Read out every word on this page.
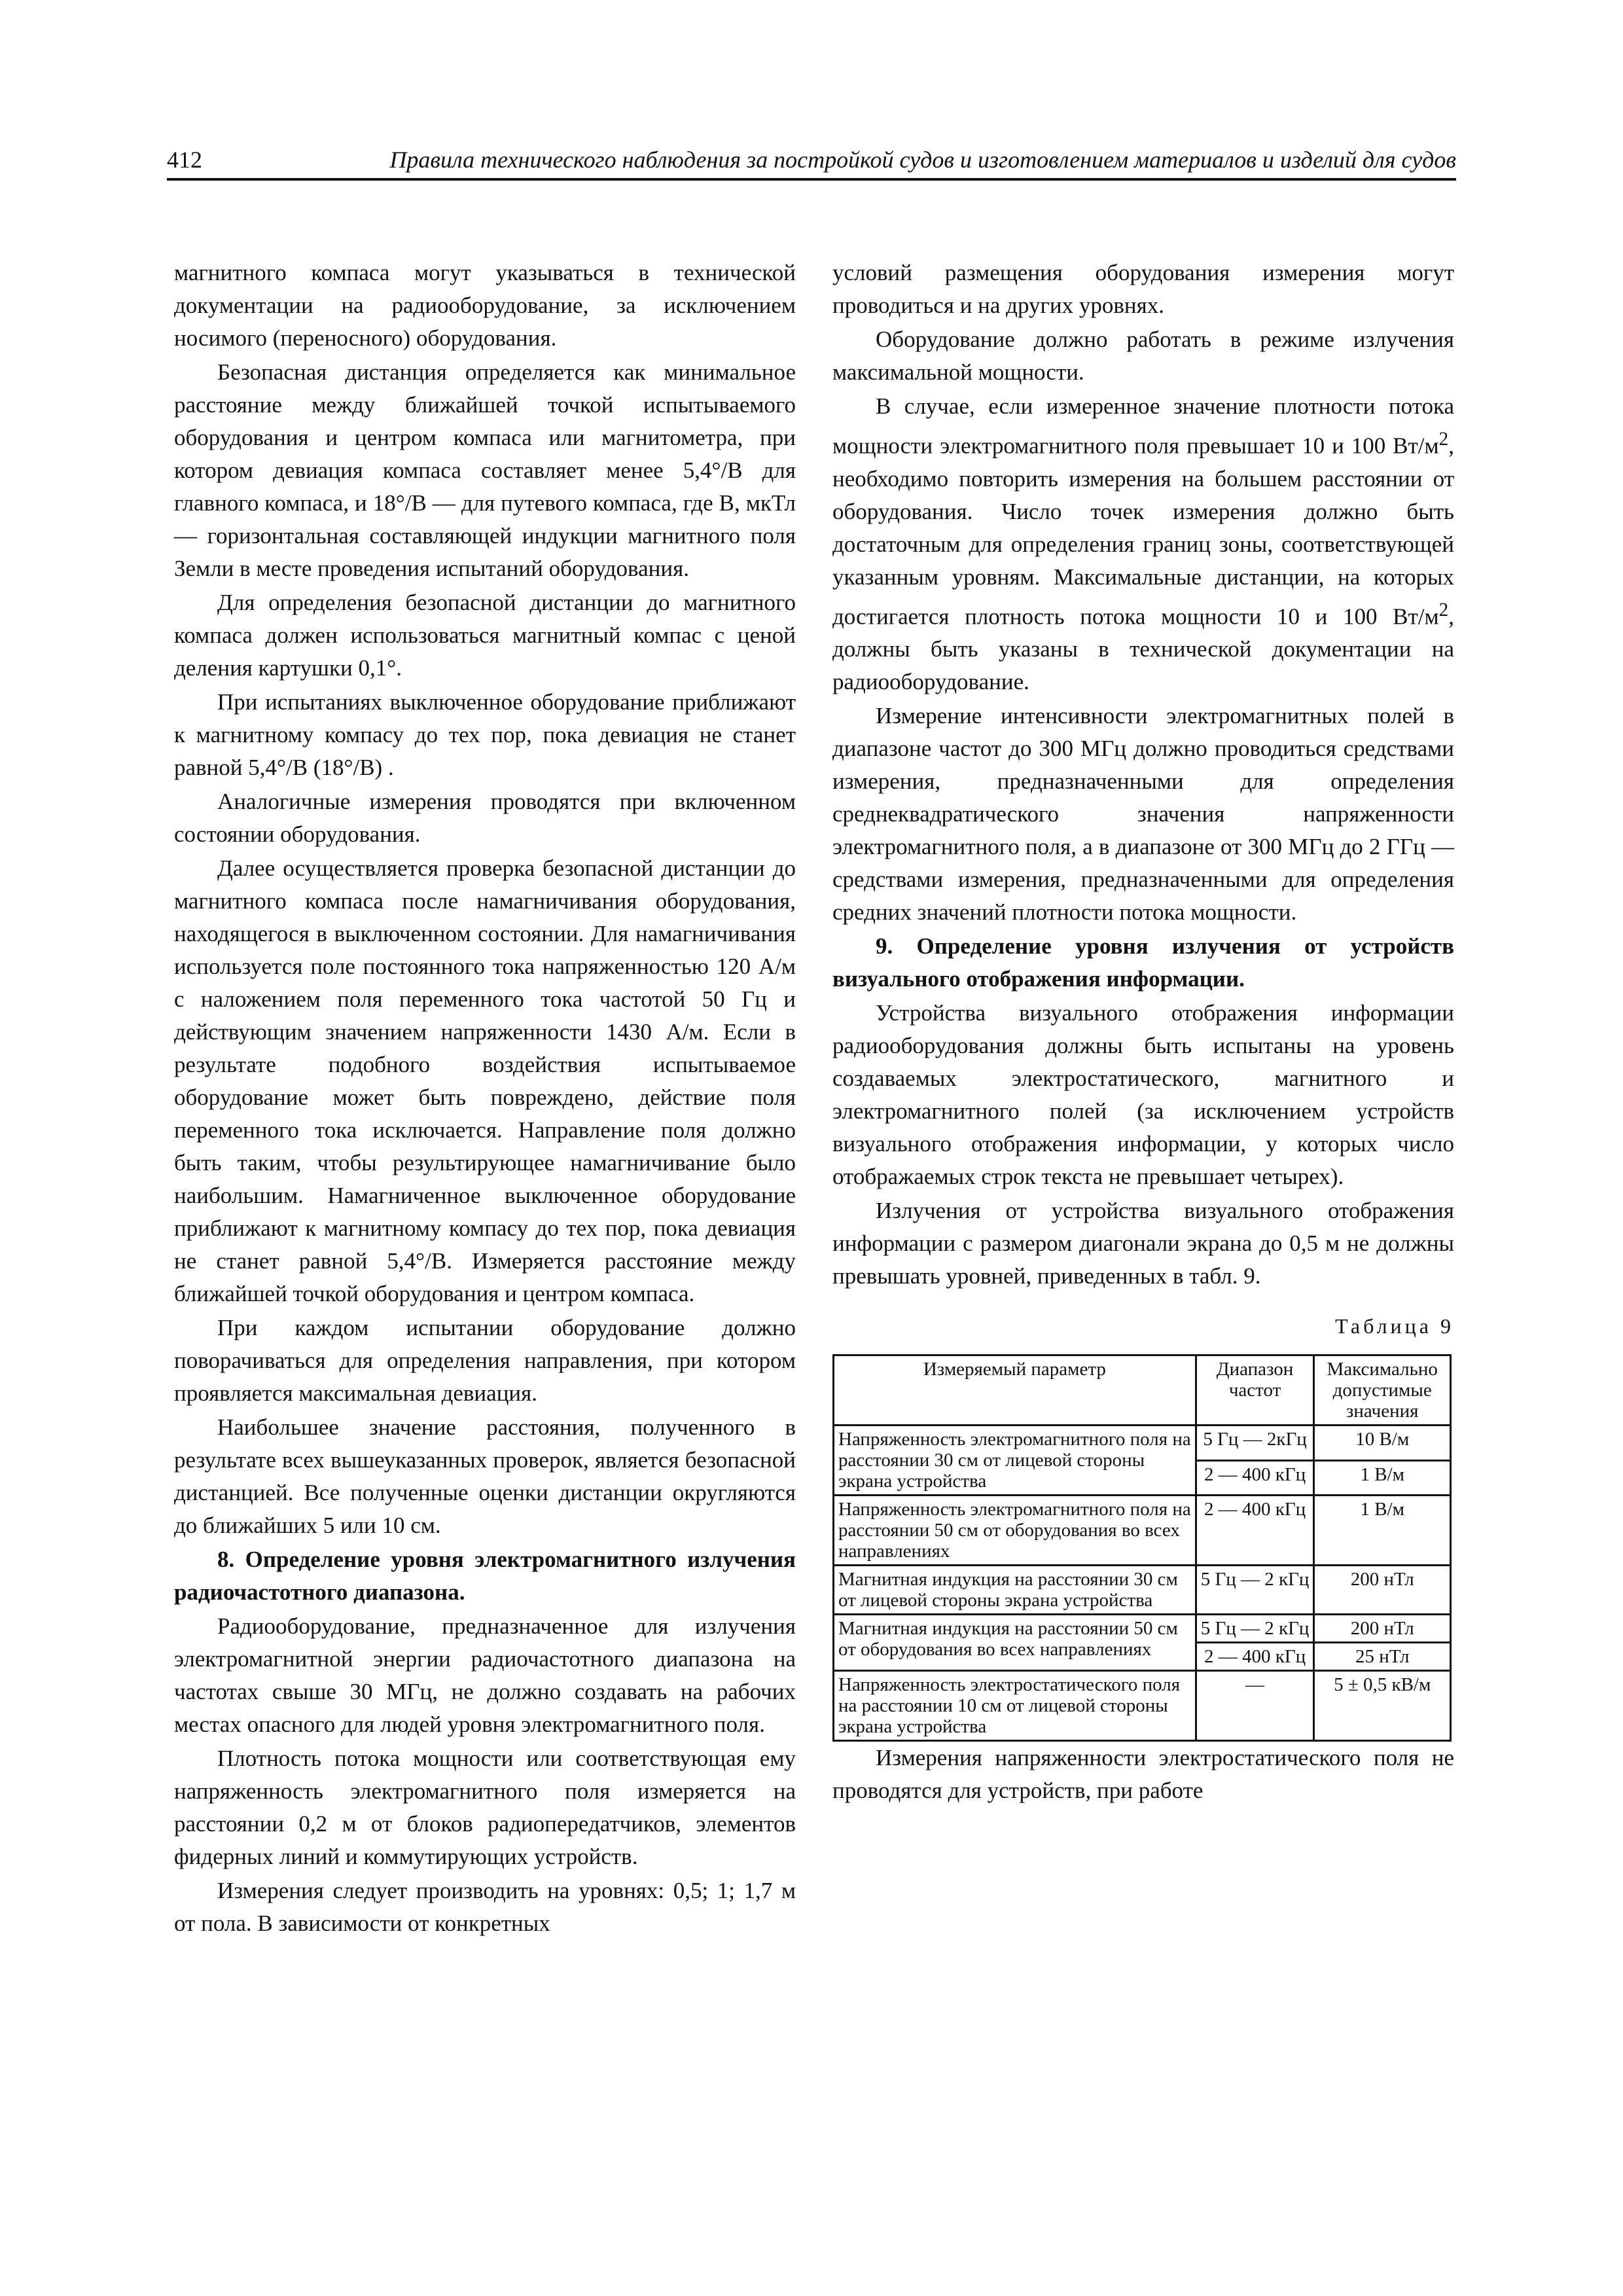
412	Правила технического наблюдения за постройкой судов и изготовлением материалов и изделий для судов

магнитного компаса могут указываться в технической документации на радиооборудование, за исключением носимого (переносного) оборудования.

Безопасная дистанция определяется как минимальное расстояние между ближайшей точкой испытываемого оборудования и центром компаса или магнитометра, при котором девиация компаса составляет менее 5,4°/В для главного компаса, и 18°/В — для путевого компаса, где В, мкТл — горизонтальная составляющей индукции магнитного поля Земли в месте проведения испытаний оборудования.

Для определения безопасной дистанции до магнитного компаса должен использоваться магнитный компас с ценой деления картушки 0,1°.

При испытаниях выключенное оборудование приближают к магнитному компасу до тех пор, пока девиация не станет равной 5,4°/В (18°/В) .

Аналогичные измерения проводятся при включенном состоянии оборудования.

Далее осуществляется проверка безопасной дистанции до магнитного компаса после намагничивания оборудования, находящегося в выключенном состоянии. Для намагничивания используется поле постоянного тока напряженностью 120 А/м с наложением поля переменного тока частотой 50 Гц и действующим значением напряженности 1430 А/м. Если в результате подобного воздействия испытываемое оборудование может быть повреждено, действие поля переменного тока исключается. Направление поля должно быть таким, чтобы результирующее намагничивание было наибольшим. Намагниченное выключенное оборудование приближают к магнитному компасу до тех пор, пока девиация не станет равной 5,4°/В. Измеряется расстояние между ближайшей точкой оборудования и центром компаса.

При каждом испытании оборудование должно поворачиваться для определения направления, при котором проявляется максимальная девиация.

Наибольшее значение расстояния, полученного в результате всех вышеуказанных проверок, является безопасной дистанцией. Все полученные оценки дистанции округляются до ближайших 5 или 10 см.

8. Определение уровня электромагнитного излучения радиочастотного диапазона.

Радиооборудование, предназначенное для излучения электромагнитной энергии радиочастотного диапазона на частотах свыше 30 МГц, не должно создавать на рабочих местах опасного для людей уровня электромагнитного поля.

Плотность потока мощности или соответствующая ему напряженность электромагнитного поля измеряется на расстоянии 0,2 м от блоков радиопередатчиков, элементов фидерных линий и коммутирующих устройств.

Измерения следует производить на уровнях: 0,5; 1; 1,7 м от пола. В зависимости от конкретных

условий размещения оборудования измерения могут проводиться и на других уровнях.

Оборудование должно работать в режиме излучения максимальной мощности.

В случае, если измеренное значение плотности потока мощности электромагнитного поля превышает 10 и 100 $Вт/м^2$, необходимо повторить измерения на большем расстоянии от оборудования. Число точек измерения должно быть достаточным для определения границ зоны, соответствующей указанным уровням. Максимальные дистанции, на которых достигается плотность потока мощности 10 и 100 $Вт/м^2$, должны быть указаны в технической документации на радиооборудование.

Измерение интенсивности электромагнитных полей в диапазоне частот до 300 МГц должно проводиться средствами измерения, предназначенными для определения среднеквадратического значения напряженности электромагнитного поля, а в диапазоне от 300 МГц до 2 ГГц — средствами измерения, предназначенными для определения средних значений плотности потока мощности.

9. Определение уровня излучения от устройств визуального отображения информации.

Устройства визуального отображения информации радиооборудования должны быть испытаны на уровень создаваемых электростатического, магнитного и электромагнитного полей (за исключением устройств визуального отображения информации, у которых число отображаемых строк текста не превышает четырех).

Излучения от устройства визуального отображения информации с размером диагонали экрана до 0,5 м не должны превышать уровней, приведенных в табл. 9.

Таблица 9
Измеряемый параметр	Диапазон частот	Максимально допустимые значения
Напряженность электромагнитного поля на расстоянии 30 см от лицевой стороны экрана устройства	5 Гц — 2кГц	10 В/м
	2 — 400 кГц	1 В/м
Напряженность электромагнитного поля на расстоянии 50 см от оборудования во всех направлениях	2 — 400 кГц	1 В/м
Магнитная индукция на расстоянии 30 см от лицевой стороны экрана устройства	5 Гц — 2 кГц	200 нТл
Магнитная индукция на расстоянии 50 см от оборудования во всех направлениях	5 Гц — 2 кГц	200 нТл
	2 — 400 кГц	25 нТл
Напряженность электростатического поля на расстоянии 10 см от лицевой стороны экрана устройства	—	5 ± 0,5 кВ/м

Измерения напряженности электростатического поля не проводятся для устройств, при работе
